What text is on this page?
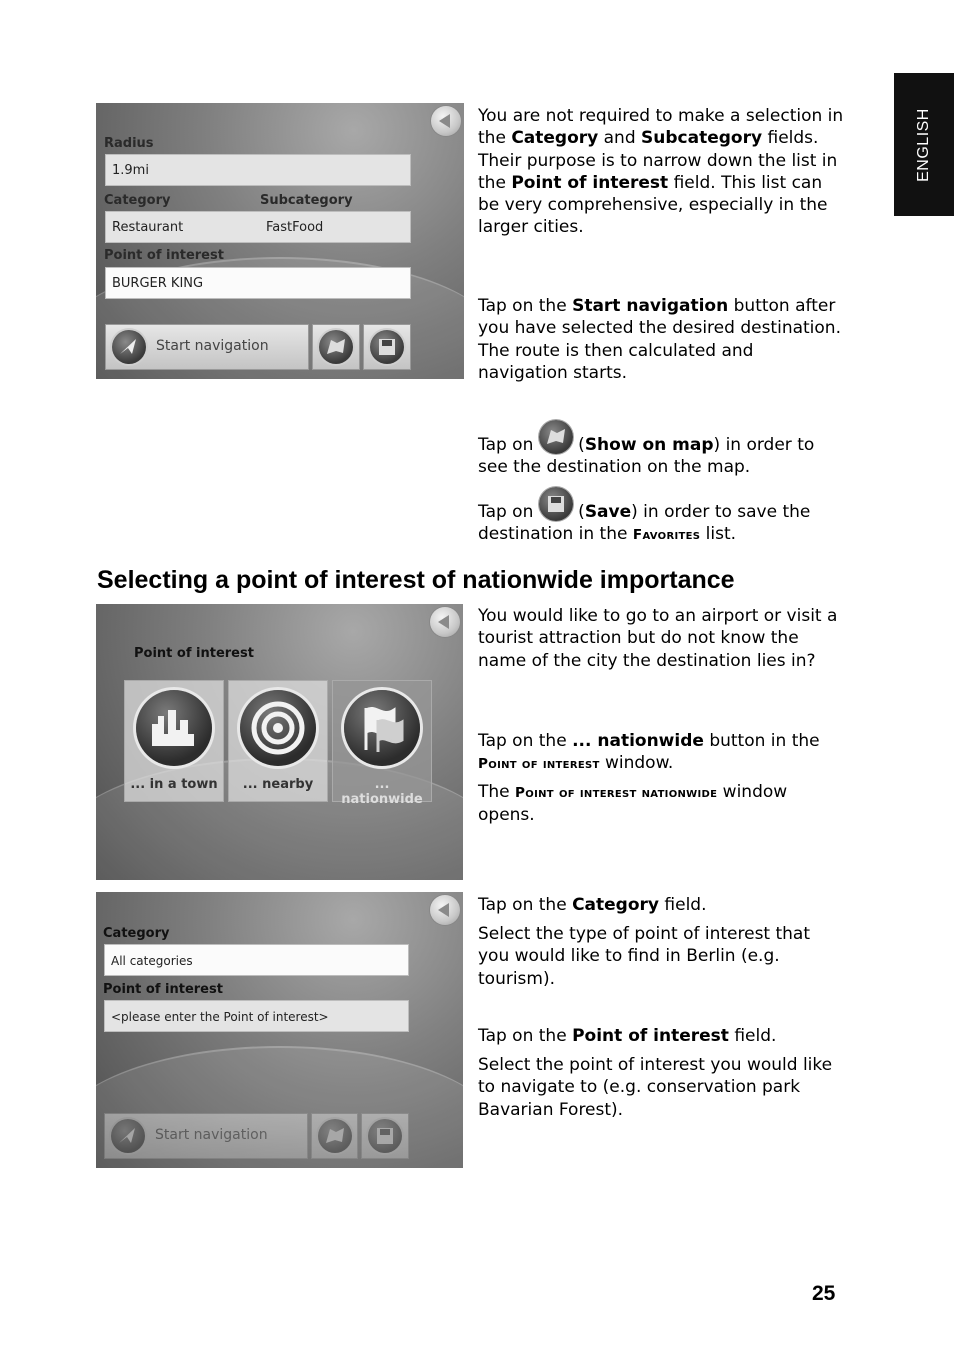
ENGLISH
Radius
1.9mi
Category	Subcategory
Restaurant	FastFood
Point of interest
BURGER KING
Start navigation

You are not required to make a selection in the Category and Subcategory fields. Their purpose is to narrow down the list in the Point of interest field. This list can be very comprehensive, especially in the larger cities.

Tap on the Start navigation button after you have selected the desired destination. The route is then calculated and navigation starts.

Tap on  (Show on map) in order to see the destination on the map.

Tap on  (Save) in order to save the destination in the Favorites list.

Selecting a point of interest of nationwide importance
Point of interest
... in a town	... nearby	... nationwide

You would like to go to an airport or visit a tourist attraction but do not know the name of the city the destination lies in?

Tap on the ... nationwide button in the Point of interest window.

The Point of interest nationwide window opens.

Category
All categories
Point of interest
<please enter the Point of interest>
Start navigation

Tap on the Category field.

Select the type of point of interest that you would like to find in Berlin (e.g. tourism).

Tap on the Point of interest field.

Select the point of interest you would like to navigate to (e.g. conservation park Bavarian Forest).

25
